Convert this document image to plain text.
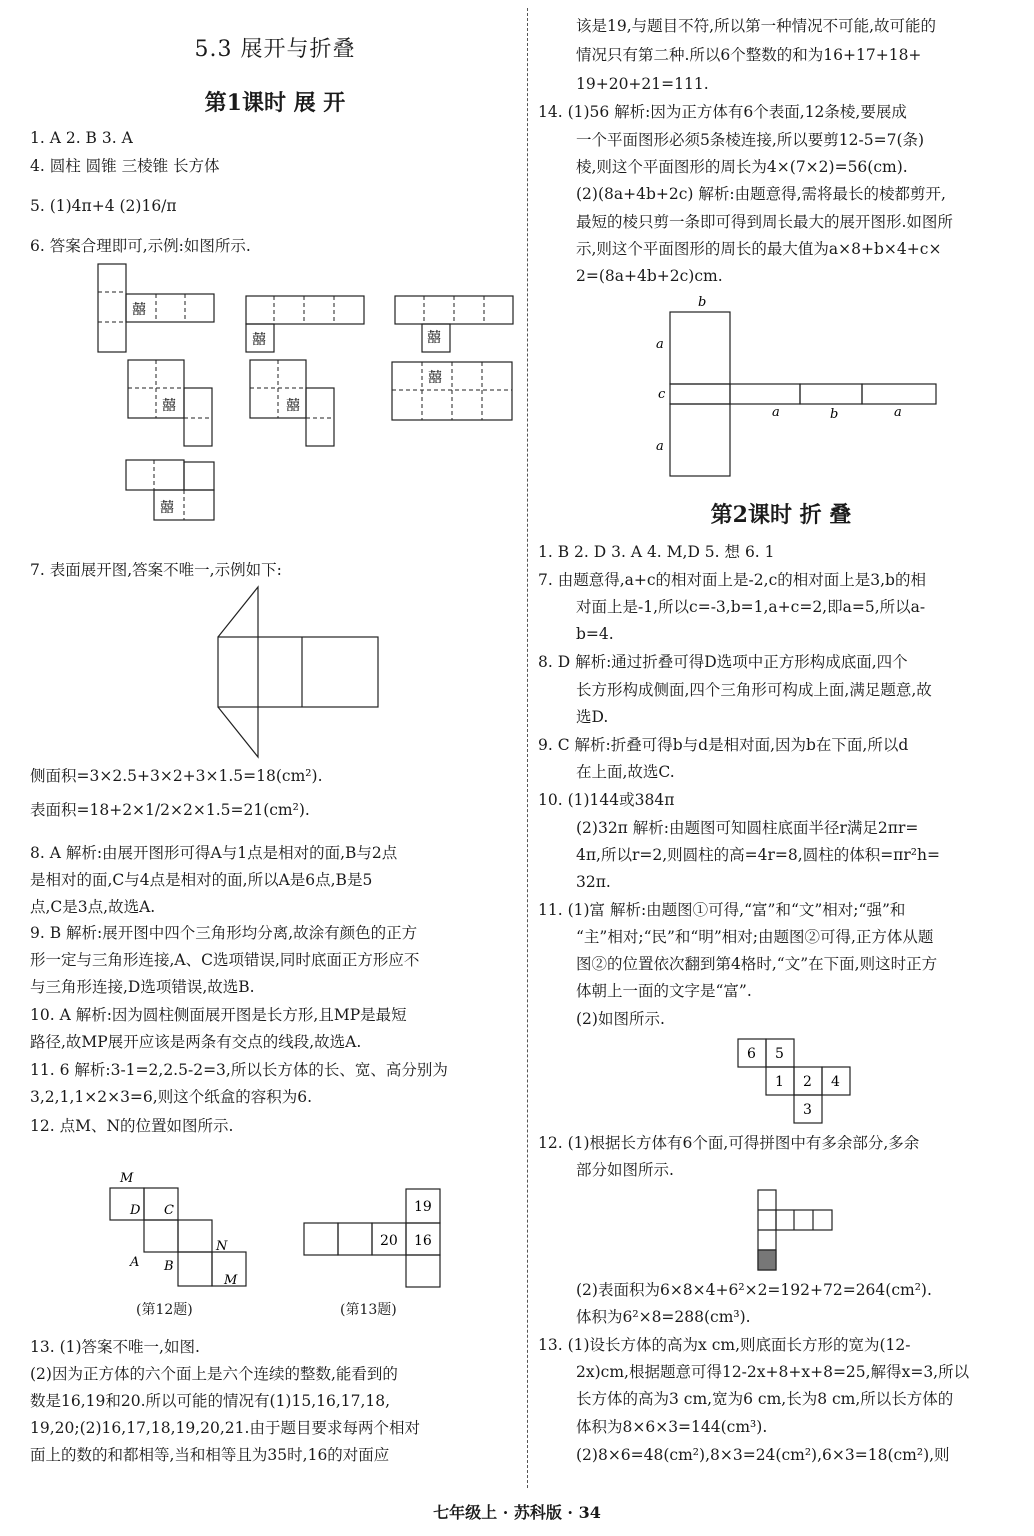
5.3 展开与折叠
第1课时 展 开
1. A 2. B 3. A
4. 圆柱 圆锥 三棱锥 长方体
5. (1)4π+4 (2)16/π
6. 答案合理即可,示例:如图所示.
囍
囍	囍
囍	囍
囍
囍
7. 表面展开图,答案不唯一,示例如下:
侧面积=3×2.5+3×2+3×1.5=18(cm²).
表面积=18+2×1/2×2×1.5=21(cm²).
8. A 解析:由展开图形可得A与1点是相对的面,B与2点
是相对的面,C与4点是相对的面,所以A是6点,B是5
点,C是3点,故选A.
9. B 解析:展开图中四个三角形均分离,故涂有颜色的正方
形一定与三角形连接,A、C选项错误,同时底面正方形应不
与三角形连接,D选项错误,故选B.
10. A 解析:因为圆柱侧面展开图是长方形,且MP是最短
路径,故MP展开应该是两条有交点的线段,故选A.
11. 6 解析:3-1=2,2.5-2=3,所以长方体的长、宽、高分别为
3,2,1,1×2×3=6,则这个纸盒的容积为6.
12. 点M、N的位置如图所示.
M
D C
N
A B
M
(第12题)
19
20 16
(第13题)
13. (1)答案不唯一,如图.
(2)因为正方体的六个面上是六个连续的整数,能看到的
数是16,19和20.所以可能的情况有(1)15,16,17,18,
19,20;(2)16,17,18,19,20,21.由于题目要求每两个相对
面上的数的和都相等,当和相等且为35时,16的对面应
该是19,与题目不符,所以第一种情况不可能,故可能的
情况只有第二种.所以6个整数的和为16+17+18+
19+20+21=111.
14. (1)56 解析:因为正方体有6个表面,12条棱,要展成
一个平面图形必须5条棱连接,所以要剪12-5=7(条)
棱,则这个平面图形的周长为4×(7×2)=56(cm).
(2)(8a+4b+2c) 解析:由题意得,需将最长的棱都剪开,
最短的棱只剪一条即可得到周长最大的展开图形.如图所
示,则这个平面图形的周长的最大值为a×8+b×4+c×
2=(8a+4b+2c)cm.
b
a
c
a
a	b	a
第2课时 折 叠
1. B 2. D 3. A 4. M,D 5. 想 6. 1
7. 由题意得,a+c的相对面上是-2,c的相对面上是3,b的相
对面上是-1,所以c=-3,b=1,a+c=2,即a=5,所以a-
b=4.
8. D 解析:通过折叠可得D选项中正方形构成底面,四个
长方形构成侧面,四个三角形可构成上面,满足题意,故
选D.
9. C 解析:折叠可得b与d是相对面,因为b在下面,所以d
在上面,故选C.
10. (1)144或384π
(2)32π 解析:由题图可知圆柱底面半径r满足2πr=
4π,所以r=2,则圆柱的高=4r=8,圆柱的体积=πr²h=
32π.
11. (1)富 解析:由题图①可得,“富”和“文”相对;“强”和
“主”相对;“民”和“明”相对;由题图②可得,正方体从题
图②的位置依次翻到第4格时,“文”在下面,则这时正方
体朝上一面的文字是“富”.
(2)如图所示.
6 5
1 2 4
3
12. (1)根据长方体有6个面,可得拼图中有多余部分,多余
部分如图所示.
(2)表面积为6×8×4+6²×2=192+72=264(cm²).
体积为6²×8=288(cm³).
13. (1)设长方体的高为x cm,则底面长方形的宽为(12-
2x)cm,根据题意可得12-2x+8+x+8=25,解得x=3,所以
长方体的高为3 cm,宽为6 cm,长为8 cm,所以长方体的
体积为8×6×3=144(cm³).
(2)8×6=48(cm²),8×3=24(cm²),6×3=18(cm²),则
七年级上 · 苏科版 · 34
